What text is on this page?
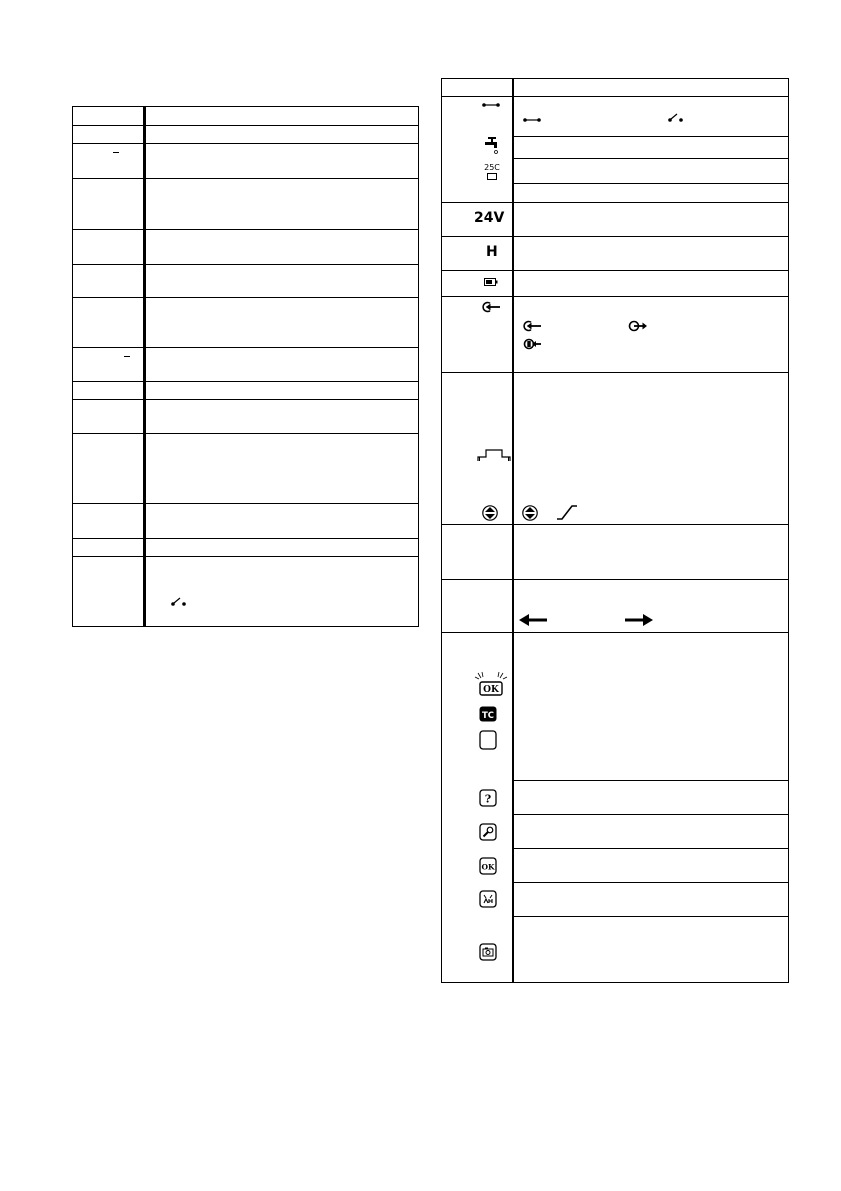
25C
24V
H
OK
TC
?
OK
